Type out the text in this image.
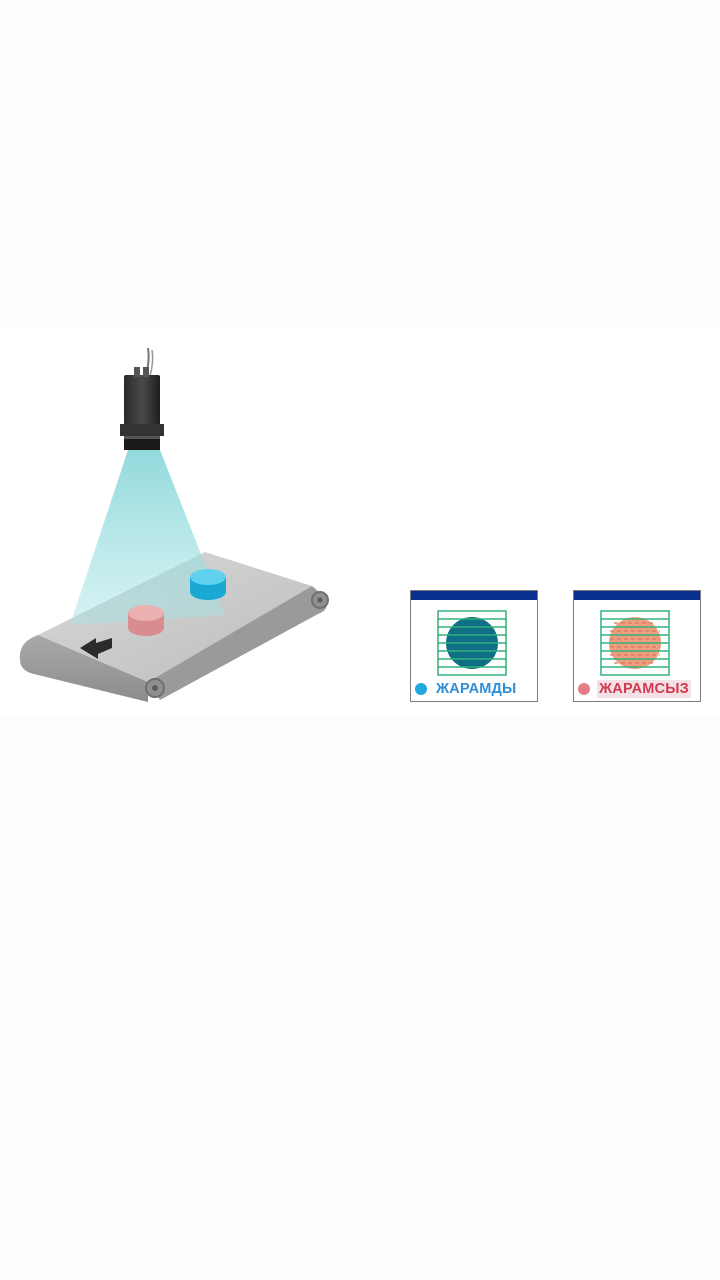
ЖАРАМДЫ	ЖАРАМСЫЗ
